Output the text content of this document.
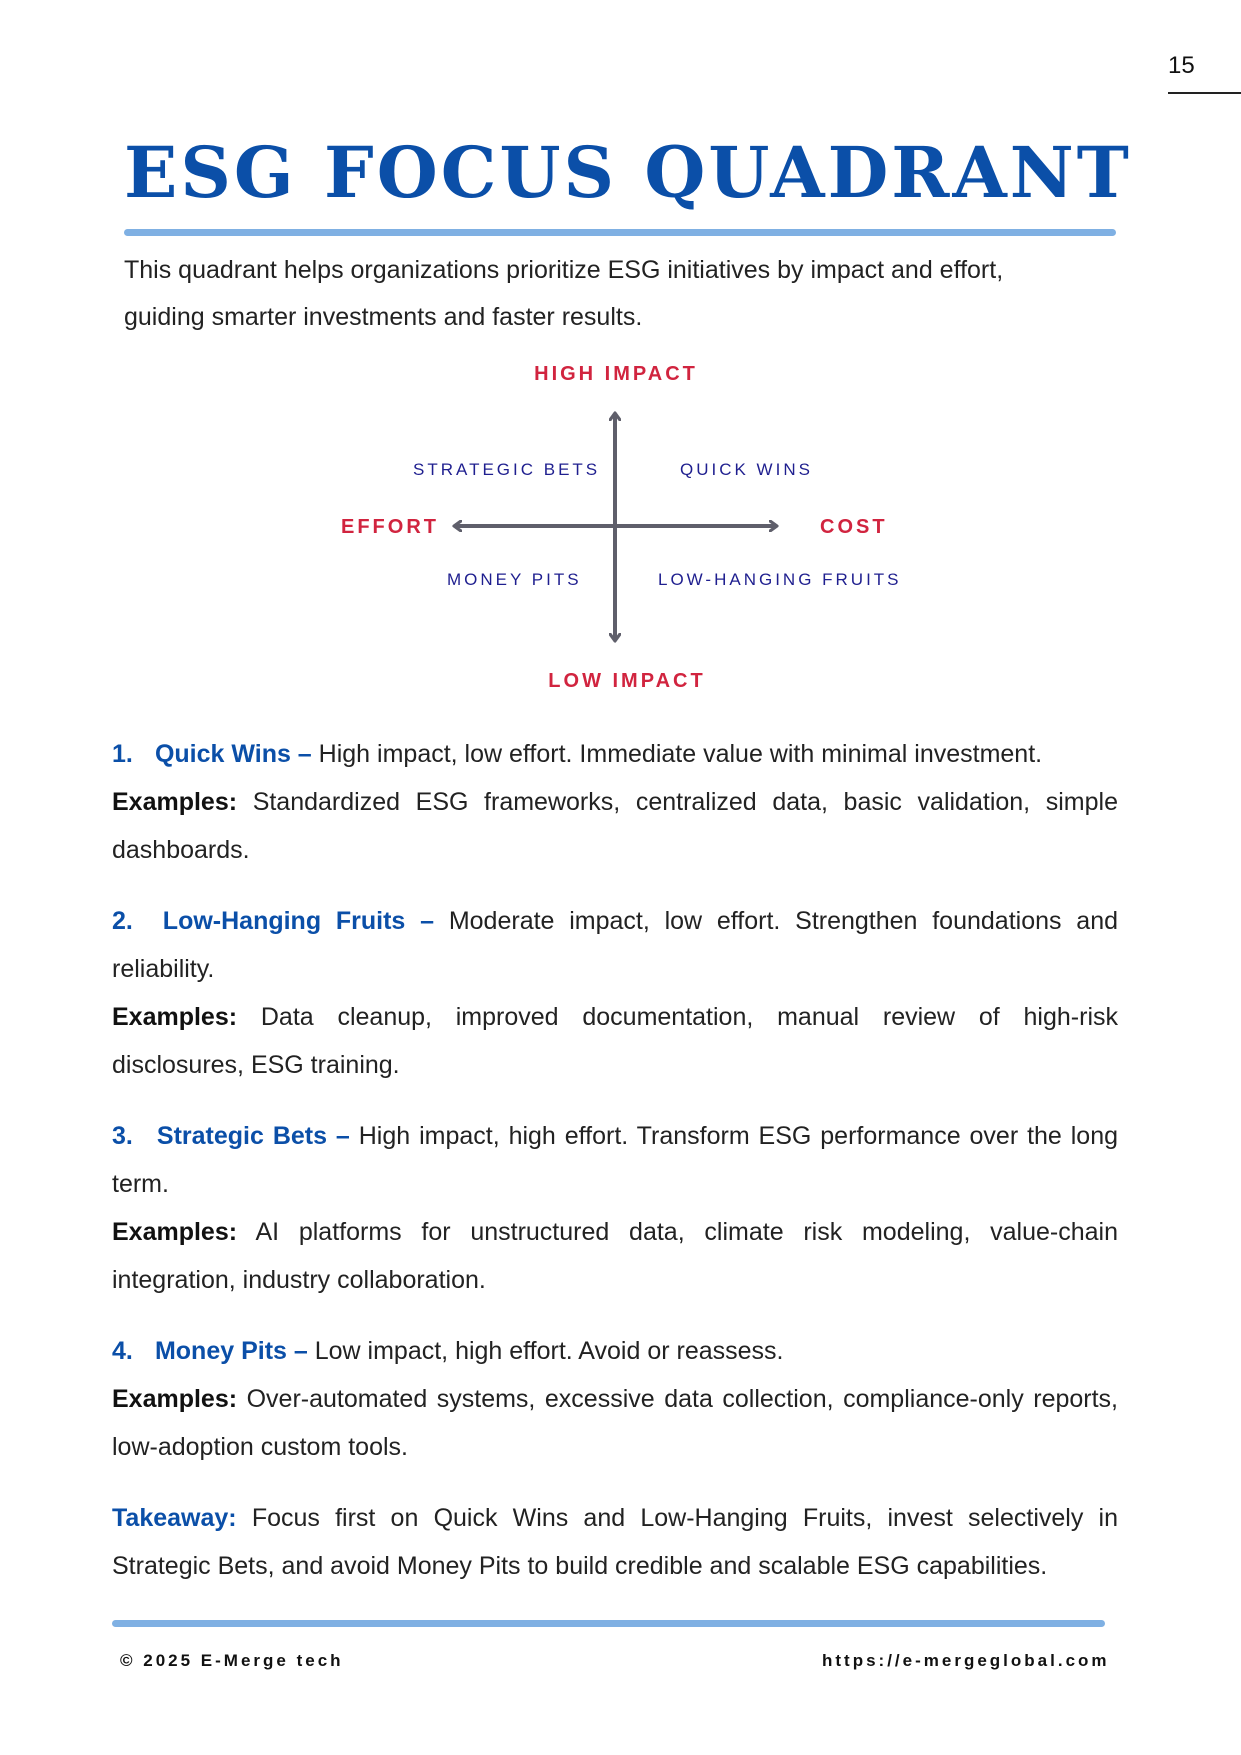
15
ESG FOCUS QUADRANT

This quadrant helps organizations prioritize ESG initiatives by impact and effort, guiding smarter investments and faster results.

HIGH IMPACT
LOW IMPACT
EFFORT	COST
STRATEGIC BETS	QUICK WINS
MONEY PITS	LOW-HANGING FRUITS

1. Quick Wins – High impact, low effort. Immediate value with minimal investment.
Examples: Standardized ESG frameworks, centralized data, basic validation, simple dashboards.

2. Low-Hanging Fruits – Moderate impact, low effort. Strengthen foundations and reliability.
Examples: Data cleanup, improved documentation, manual review of high-risk disclosures, ESG training.

3. Strategic Bets – High impact, high effort. Transform ESG performance over the long term.
Examples: AI platforms for unstructured data, climate risk modeling, value-chain integration, industry collaboration.

4. Money Pits – Low impact, high effort. Avoid or reassess.
Examples: Over-automated systems, excessive data collection, compliance-only reports, low-adoption custom tools.

Takeaway: Focus first on Quick Wins and Low-Hanging Fruits, invest selectively in Strategic Bets, and avoid Money Pits to build credible and scalable ESG capabilities.

© 2025 E-Merge tech	https://e-mergeglobal.com
